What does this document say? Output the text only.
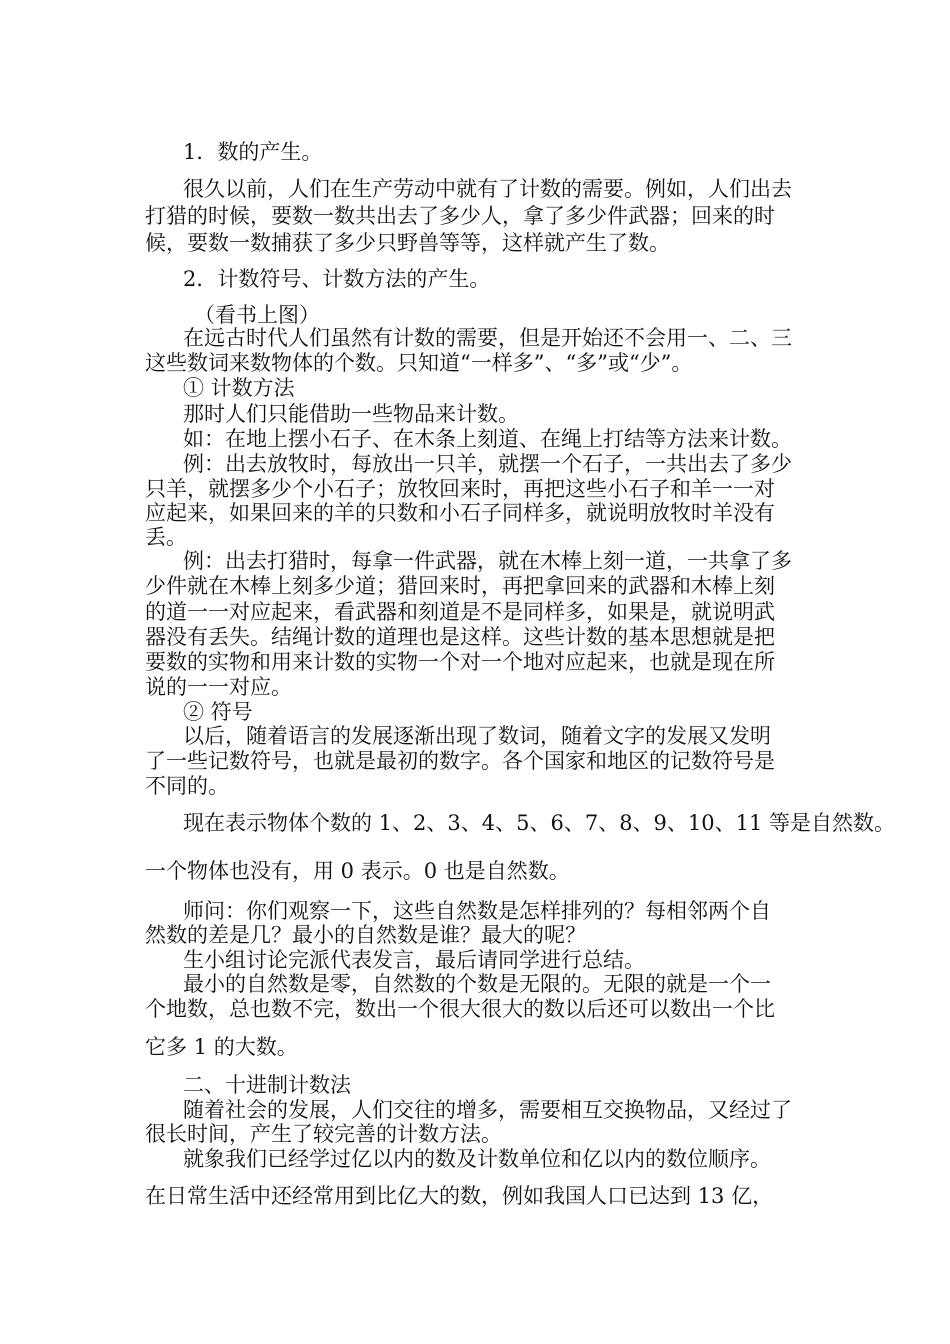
1．数的产生。
很久以前，人们在生产劳动中就有了计数的需要。例如，人们出去
打猎的时候，要数一数共出去了多少人，拿了多少件武器；回来的时
候，要数一数捕获了多少只野兽等等，这样就产生了数。
2．计数符号、计数方法的产生。
（看书上图）
在远古时代人们虽然有计数的需要，但是开始还不会用一、二、三
这些数词来数物体的个数。只知道“一样多”、“多”或“少”。
① 计数方法
那时人们只能借助一些物品来计数。
如：在地上摆小石子、在木条上刻道、在绳上打结等方法来计数。
例：出去放牧时，每放出一只羊，就摆一个石子，一共出去了多少
只羊，就摆多少个小石子；放牧回来时，再把这些小石子和羊一一对
应起来，如果回来的羊的只数和小石子同样多，就说明放牧时羊没有
丢。
例：出去打猎时，每拿一件武器，就在木棒上刻一道，一共拿了多
少件就在木棒上刻多少道；猎回来时，再把拿回来的武器和木棒上刻
的道一一对应起来，看武器和刻道是不是同样多，如果是，就说明武
器没有丢失。结绳计数的道理也是这样。这些计数的基本思想就是把
要数的实物和用来计数的实物一个对一个地对应起来，也就是现在所
说的一一对应。
② 符号
以后，随着语言的发展逐渐出现了数词，随着文字的发展又发明
了一些记数符号，也就是最初的数字。各个国家和地区的记数符号是
不同的。
现在表示物体个数的 1、2、3、4、5、6、7、8、9、10、11 等是自然数。
一个物体也没有，用 0 表示。0 也是自然数。
师问：你们观察一下，这些自然数是怎样排列的？每相邻两个自
然数的差是几？最小的自然数是谁？最大的呢？
生小组讨论完派代表发言，最后请同学进行总结。
最小的自然数是零，自然数的个数是无限的。无限的就是一个一
个地数，总也数不完，数出一个很大很大的数以后还可以数出一个比
它多 1 的大数。
二、十进制计数法
随着社会的发展，人们交往的增多，需要相互交换物品，又经过了
很长时间，产生了较完善的计数方法。
就象我们已经学过亿以内的数及计数单位和亿以内的数位顺序。
在日常生活中还经常用到比亿大的数，例如我国人口已达到 13 亿，
